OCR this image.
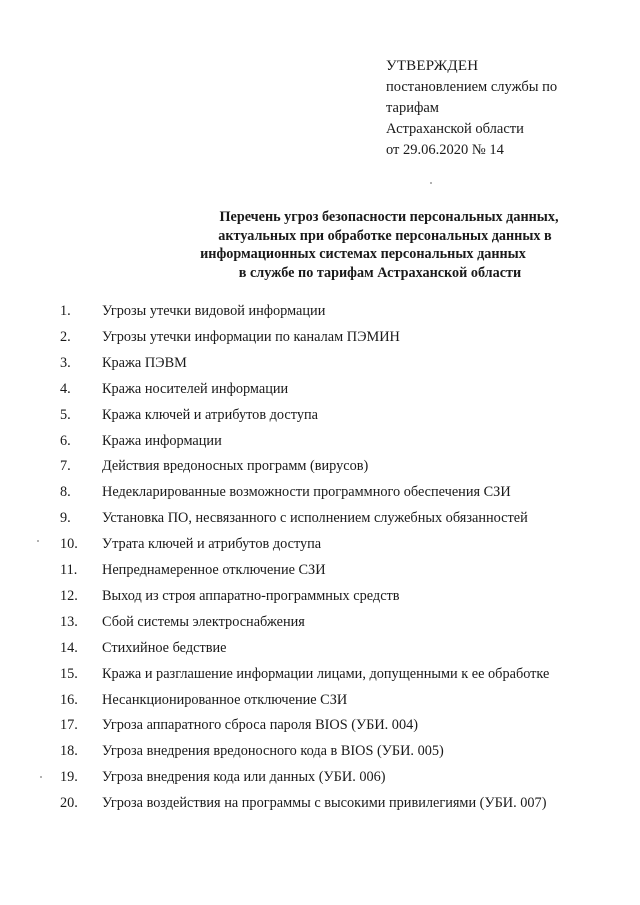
УТВЕРЖДЕН
постановлением службы по
тарифам
Астраханской области
от 29.06.2020 № 14
Перечень угроз безопасности персональных данных,
актуальных при обработке персональных данных в
информационных системах персональных данных
в службе по тарифам Астраханской области
1.	Угрозы утечки видовой информации
2.	Угрозы утечки информации по каналам ПЭМИН
3.	Кража ПЭВМ
4.	Кража носителей информации
5.	Кража ключей и атрибутов доступа
6.	Кража информации
7.	Действия вредоносных программ (вирусов)
8.	Недекларированные возможности программного обеспечения СЗИ
9.	Установка ПО, несвязанного с исполнением служебных обязанностей
10.	Утрата ключей и атрибутов доступа
11.	Непреднамеренное отключение СЗИ
12.	Выход из строя аппаратно-программных средств
13.	Сбой системы электроснабжения
14.	Стихийное бедствие
15.	Кража и разглашение информации лицами, допущенными к ее обработке
16.	Несанкционированное отключение СЗИ
17.	Угроза аппаратного сброса пароля BIOS (УБИ. 004)
18.	Угроза внедрения вредоносного кода в BIOS (УБИ. 005)
19.	Угроза внедрения кода или данных (УБИ. 006)
20.	Угроза воздействия на программы с высокими привилегиями (УБИ. 007)
